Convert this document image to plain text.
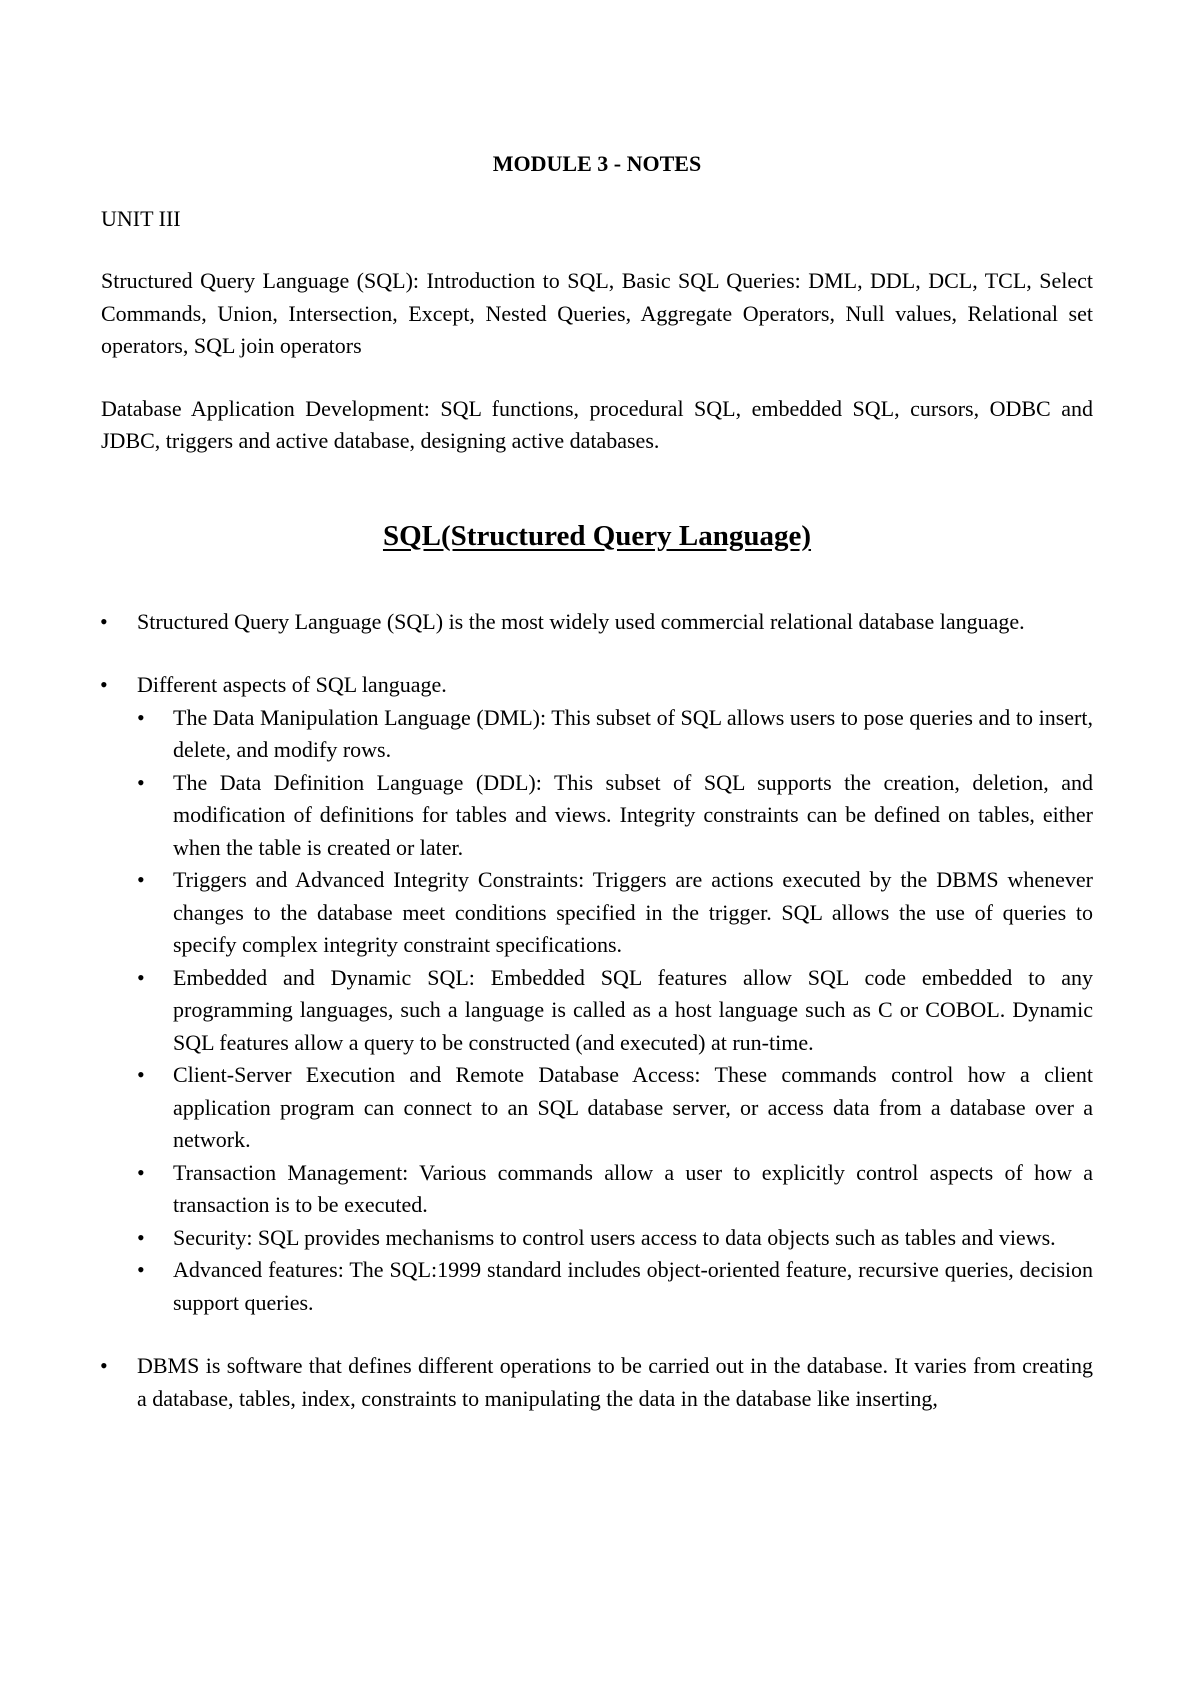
MODULE 3 - NOTES
UNIT III

Structured Query Language (SQL): Introduction to SQL, Basic SQL Queries: DML, DDL, DCL, TCL, Select Commands, Union, Intersection, Except, Nested Queries, Aggregate Operators, Null values, Relational set operators, SQL join operators

Database Application Development: SQL functions, procedural SQL, embedded SQL, cursors, ODBC and JDBC, triggers and active database, designing active databases.

SQL(Structured Query Language)
• Structured Query Language (SQL) is the most widely used commercial relational database language.
• Different aspects of SQL language.
• The Data Manipulation Language (DML): This subset of SQL allows users to pose queries and to insert, delete, and modify rows.
• The Data Definition Language (DDL): This subset of SQL supports the creation, deletion, and modification of definitions for tables and views. Integrity constraints can be defined on tables, either when the table is created or later.
• Triggers and Advanced Integrity Constraints: Triggers are actions executed by the DBMS whenever changes to the database meet conditions specified in the trigger. SQL allows the use of queries to specify complex integrity constraint specifications.
• Embedded and Dynamic SQL: Embedded SQL features allow SQL code embedded to any programming languages, such a language is called as a host language such as C or COBOL. Dynamic SQL features allow a query to be constructed (and executed) at run-time.
• Client-Server Execution and Remote Database Access: These commands control how a client application program can connect to an SQL database server, or access data from a database over a network.
• Transaction Management: Various commands allow a user to explicitly control aspects of how a transaction is to be executed.
• Security: SQL provides mechanisms to control users access to data objects such as tables and views.
• Advanced features: The SQL:1999 standard includes object-oriented feature, recursive queries, decision support queries.
• DBMS is software that defines different operations to be carried out in the database. It varies from creating a database, tables, index, constraints to manipulating the data in the database like inserting,
